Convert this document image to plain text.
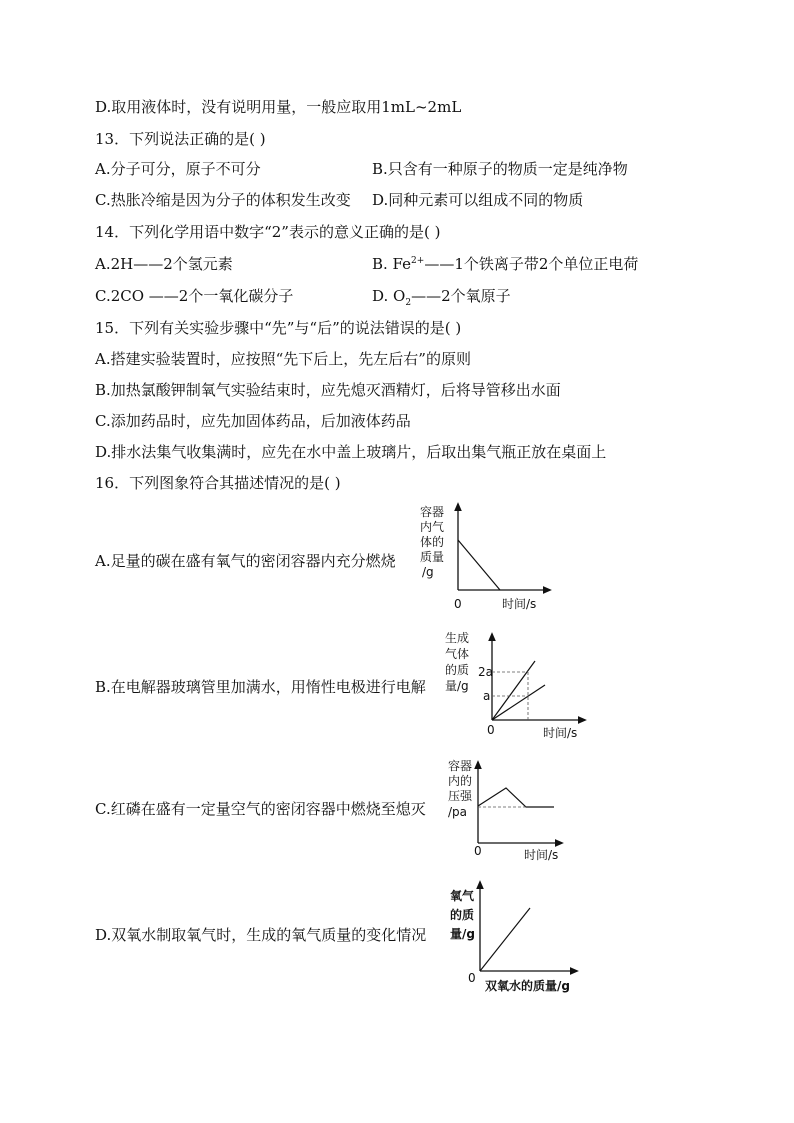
D.取用液体时，没有说明用量，一般应取用1mL~2mL
13．下列说法正确的是( )
A.分子可分，原子不可分	B.只含有一种原子的物质一定是纯净物
C.热胀冷缩是因为分子的体积发生改变 D.同种元素可以组成不同的物质
14．下列化学用语中数字“2”表示的意义正确的是( )
A.2H——2个氢元素	B. $Fe^{2+}——1$个铁离子带2个单位正电荷
C.2CO ——2个一氧化碳分子	D. $O_2——2$个氧原子
15．下列有关实验步骤中“先”与“后”的说法错误的是( )
A.搭建实验装置时，应按照“先下后上，先左后右”的原则
B.加热氯酸钾制氧气实验结束时，应先熄灭酒精灯，后将导管移出水面
C.添加药品时，应先加固体药品，后加液体药品
D.排水法集气收集满时，应先在水中盖上玻璃片，后取出集气瓶正放在桌面上
16．下列图象符合其描述情况的是( )
A.足量的碳在盛有氧气的密闭容器内充分燃烧
B.在电解器玻璃管里加满水，用惰性电极进行电解
C.红磷在盛有一定量空气的密闭容器中燃烧至熄灭
D.双氧水制取氧气时，生成的氧气质量的变化情况
容器
内气
体的
质量
/g
0	时间/s
生成
气体
的质
量/g
2a
a
0	时间/s
容器
内的
压强
/pa
0	时间/s
氧气
的质
量/g
0
双氧水的质量/g
